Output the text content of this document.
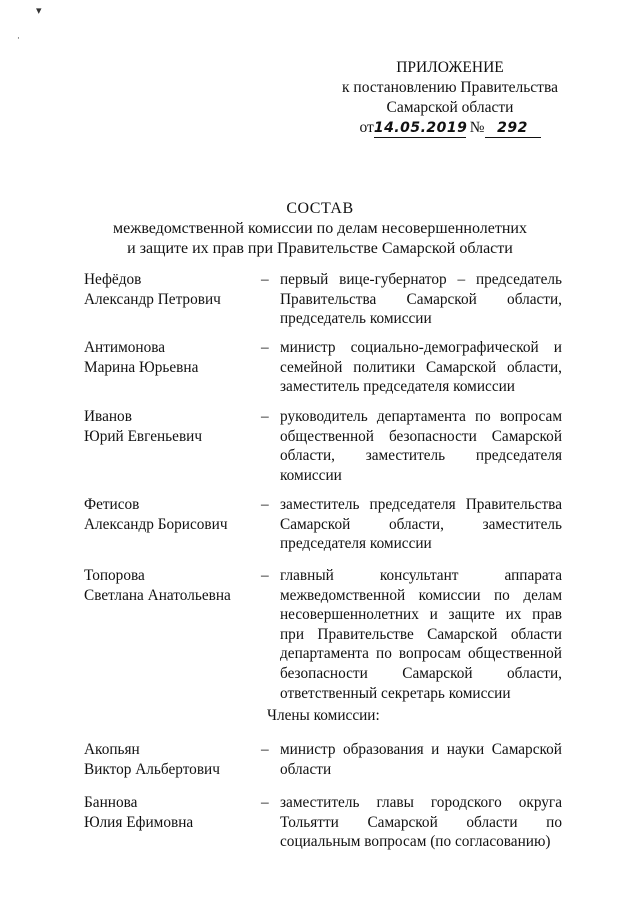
▾
·
ПРИЛОЖЕНИЕ
к постановлению Правительства
Самарской области
от14.05.2019 № 292
СОСТАВ
межведомственной комиссии по делам несовершеннолетних
и защите их прав при Правительстве Самарской области
Нефёдов
Александр Петрович
– первый вице-губернатор – председатель Правительства Самарской области, председатель комиссии
Антимонова
Марина Юрьевна
– министр социально-демографической и семейной политики Самарской области, заместитель председателя комиссии
Иванов
Юрий Евгеньевич
– руководитель департамента по вопросам общественной безопасности Самарской области, заместитель председателя комиссии
Фетисов
Александр Борисович
– заместитель председателя Правительства Самарской области, заместитель председателя комиссии
Топорова
Светлана Анатольевна
– главный консультант аппарата межведомственной комиссии по делам несовершеннолетних и защите их прав при Правительстве Самарской области департамента по вопросам общественной безопасности Самарской области, ответственный секретарь комиссии
Члены комиссии:
Акопьян
Виктор Альбертович
– министр образования и науки Самарской области
Баннова
Юлия Ефимовна
– заместитель главы городского округа Тольятти Самарской области по социальным вопросам (по согласованию)
